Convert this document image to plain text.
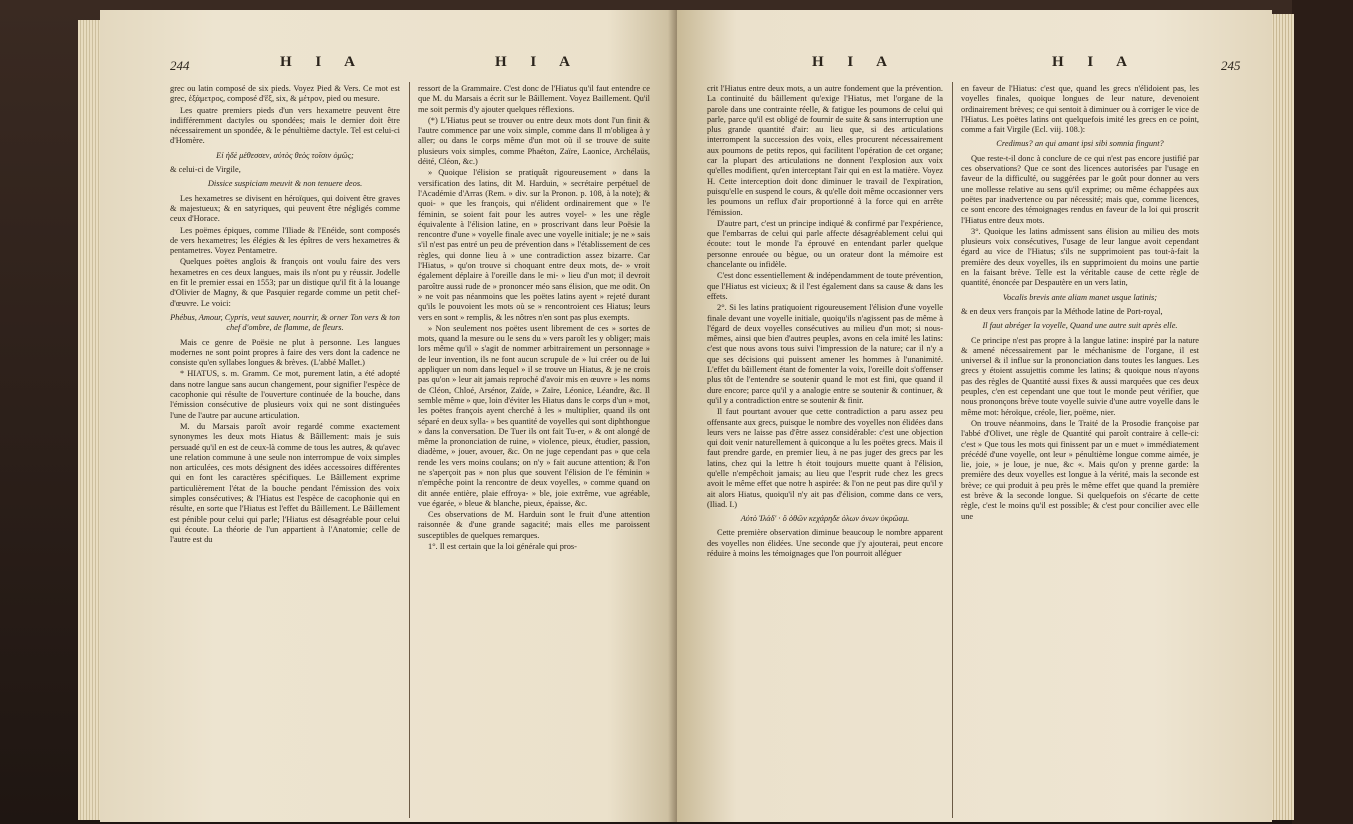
244	H I A	H I A

grec ou latin composé de six pieds. Voyez Pied & Vers. Ce mot est grec, ἑξάμετρος, composé d'ἓξ, six, & μέτρον, pied ou mesure.

Les quatre premiers pieds d'un vers hexametre peuvent être indifféremment dactyles ou spondées; mais le dernier doit être nécessairement un spondée, & le pénultième dactyle. Tel est celui-ci d'Homère.

Εἰ ἠδὲ μέθεσσεν, αὐτὸς θεὸς τοῖσιν ὁμῶς;

& celui-ci de Virgile,

Dissice suspiciam meuvit & non tenuere deos.

Les hexametres se divisent en héroïques, qui doivent être graves & majestueux; & en satyriques, qui peuvent être négligés comme ceux d'Horace.

Les poëmes épiques, comme l'Iliade & l'Enéide, sont composés de vers hexametres; les élégies & les épîtres de vers hexametres & pentametres. Voyez Pentametre.

Quelques poëtes anglois & françois ont voulu faire des vers hexametres en ces deux langues, mais ils n'ont pu y réussir. Jodelle en fit le premier essai en 1553; par un distique qu'il fit à la louange d'Olivier de Magny, & que Pasquier regarde comme un petit chef-d'œuvre. Le voici:

Phébus, Amour, Cypris, veut sauver, nourrir, & orner Ton vers & ton chef d'ombre, de flamme, de fleurs.

Mais ce genre de Poësie ne plut à personne. Les langues modernes ne sont point propres à faire des vers dont la cadence ne consiste qu'en syllabes longues & brèves. (L'abbé Mallet.)

* HIATUS, s. m. Gramm. Ce mot, purement latin, a été adopté dans notre langue sans aucun changement, pour signifier l'espèce de cacophonie qui résulte de l'ouverture continuée de la bouche, dans l'émission consécutive de plusieurs voix qui ne sont distinguées l'une de l'autre par aucune articulation.

M. du Marsais paroît avoir regardé comme exactement synonymes les deux mots Hiatus & Bâillement: mais je suis persuadé qu'il en est de ceux-là comme de tous les autres, & qu'avec une relation commune à une seule non interrompue de voix simples non articulées, ces mots désignent des idées accessoires différentes qui en font les caractères spécifiques. Le Bâillement exprime particulièrement l'état de la bouche pendant l'émission des voix simples consécutives; & l'Hiatus est l'espèce de cacophonie qui en résulte, en sorte que l'Hiatus est l'effet du Bâillement. Le Bâillement est pénible pour celui qui parle; l'Hiatus est désagréable pour celui qui écoute. La théorie de l'un appartient à l'Anatomie; celle de l'autre est du

ressort de la Grammaire. C'est donc de l'Hiatus qu'il faut entendre ce que M. du Marsais a écrit sur le Bâillement. Voyez Baillement. Qu'il me soit permis d'y ajouter quelques réflexions.

(*) L'Hiatus peut se trouver ou entre deux mots dont l'un finit & l'autre commence par une voix simple, comme dans Il m'obligea à y aller; ou dans le corps même d'un mot où il se trouve de suite plusieurs voix simples, comme Phaéton, Zaïre, Laonice, Archélaüs, déité, Cléon, &c.)

» Quoique l'élision se pratiquât rigoureusement » dans la versification des latins, dit M. Harduin, » secrétaire perpétuel de l'Académie d'Arras (Rem. » div. sur la Pronon. p. 108, à la note); & quoi- » que les françois, qui n'élident ordinairement que » l'e féminin, se soient fait pour les autres voyel- » les une règle équivalente à l'élision latine, en » proscrivant dans leur Poësie la rencontre d'une » voyelle finale avec une voyelle initiale; je ne » sais s'il n'est pas entré un peu de prévention dans » l'établissement de ces règles, qui donne lieu à » une contradiction assez bizarre. Car l'Hiatus, » qu'on trouve si choquant entre deux mots, de- » vroit également déplaire à l'oreille dans le mi- » lieu d'un mot; il devroit paroître aussi rude de » prononcer méo sans élision, que me odit. On » ne voit pas néanmoins que les poëtes latins ayent » rejeté durant qu'ils le pouvoient les mots où se » rencontroient ces Hiatus; leurs vers en sont » remplis, & les nôtres n'en sont pas plus exempts.

» Non seulement nos poëtes usent librement de ces » sortes de mots, quand la mesure ou le sens du » vers paroît les y obliger; mais lors même qu'il » s'agit de nommer arbitrairement un personnage » de leur invention, ils ne font aucun scrupule de » lui créer ou de lui appliquer un nom dans lequel » il se trouve un Hiatus, & je ne crois pas qu'on » leur ait jamais reproché d'avoir mis en œuvre » les noms de Cléon, Chloé, Arsénor, Zaïde, » Zaïre, Léonice, Léandre, &c. Il semble même » que, loin d'éviter les Hiatus dans le corps d'un » mot, les poëtes françois ayent cherché à les » multiplier, quand ils ont séparé en deux sylla- » bes quantité de voyelles qui sont diphthongue » dans la conversation. De Tuer ils ont fait Tu-er, » & ont alongé de même la prononciation de ruine, » violence, pieux, étudier, passion, diadème, » jouer, avouer, &c. On ne juge cependant pas » que cela rende les vers moins coulans; on n'y » fait aucune attention; & l'on ne s'aperçoit pas » non plus que souvent l'élision de l'e féminin » n'empêche point la rencontre de deux voyelles, » comme quand on dit année entière, plaie effroya- » ble, joie extrême, vue agréable, vue égarée, » bleue & blanche, pieux, épaisse, &c.

Ces observations de M. Harduin sont le fruit d'une attention raisonnée & d'une grande sagacité; mais elles me paroissent susceptibles de quelques remarques.

1°. Il est certain que la loi générale qui pros-

H I A	H I A	245

crit l'Hiatus entre deux mots, a un autre fondement que la prévention. La continuité du bâillement qu'exige l'Hiatus, met l'organe de la parole dans une contrainte réelle, & fatigue les poumons de celui qui parle, parce qu'il est obligé de fournir de suite & sans interruption une plus grande quantité d'air: au lieu que, si des articulations interrompent la succession des voix, elles procurent nécessairement aux poumons de petits repos, qui facilitent l'opération de cet organe; car la plupart des articulations ne donnent l'explosion aux voix qu'elles modifient, qu'en interceptant l'air qui en est la matière. Voyez H. Cette interception doit donc diminuer le travail de l'expiration, puisqu'elle en suspend le cours, & qu'elle doit même occasionner vers les poumons un reflux d'air proportionné à la force qui en arrête l'émission.

D'autre part, c'est un principe indiqué & confirmé par l'expérience, que l'embarras de celui qui parle affecte désagréablement celui qui écoute: tout le monde l'a éprouvé en entendant parler quelque personne enrouée ou bègue, ou un orateur dont la mémoire est chancelante ou infidèle.

C'est donc essentiellement & indépendamment de toute prévention, que l'Hiatus est vicieux; & il l'est également dans sa cause & dans les effets.

2°. Si les latins pratiquoient rigoureusement l'élision d'une voyelle finale devant une voyelle initiale, quoiqu'ils n'agissent pas de même à l'égard de deux voyelles consécutives au milieu d'un mot; si nous-mêmes, ainsi que bien d'autres peuples, avons en cela imité les latins: c'est que nous avons tous suivi l'impression de la nature; car il n'y a que ses décisions qui puissent amener les hommes à l'unanimité. L'effet du bâillement étant de fomenter la voix, l'oreille doit s'offenser plus tôt de l'entendre se soutenir quand le mot est fini, que quand il dure encore; parce qu'il y a analogie entre se soutenir & continuer, & qu'il y a contradiction entre se soutenir & finir.

Il faut pourtant avouer que cette contradiction a paru assez peu offensante aux grecs, puisque le nombre des voyelles non élidées dans leurs vers ne laisse pas d'être assez considérable: c'est une objection qui doit venir naturellement à quiconque a lu les poëtes grecs. Mais il faut prendre garde, en premier lieu, à ne pas juger des grecs par les latins, chez qui la lettre h étoit toujours muette quant à l'élision, qu'elle n'empêchoit jamais; au lieu que l'esprit rude chez les grecs avoit le même effet que notre h aspirée: & l'on ne peut pas dire qu'il y ait alors Hiatus, quoiqu'il n'y ait pas d'élision, comme dans ce vers, (Iliad. I.)

Αὐτὸ Ἰλάδ' · ὃ ὀθῶν κεχάρηδε ὁλων ὀνων ὑκρῶαμ.

Cette première observation diminue beaucoup le nombre apparent des voyelles non élidées. Une seconde que j'y ajouterai, peut encore réduire à moins les témoignages que l'on pourroit alléguer

en faveur de l'Hiatus: c'est que, quand les grecs n'élidoient pas, les voyelles finales, quoique longues de leur nature, devenoient ordinairement brèves; ce qui sentoit à diminuer ou à corriger le vice de l'Hiatus. Les poëtes latins ont quelquefois imité les grecs en ce point, comme a fait Virgile (Ecl. viij. 108.):

Credimus? an qui amant ipsi sibi somnia fingunt?

Que reste-t-il donc à conclure de ce qui n'est pas encore justifié par ces observations? Que ce sont des licences autorisées par l'usage en faveur de la difficulté, ou suggérées par le goût pour donner au vers une mollesse relative au sens qu'il exprime; ou même échappées aux poëtes par inadvertence ou par nécessité; mais que, comme licences, ce sont encore des témoignages rendus en faveur de la loi qui proscrit l'Hiatus entre deux mots.

3°. Quoique les latins admissent sans élision au milieu des mots plusieurs voix consécutives, l'usage de leur langue avoit cependant égard au vice de l'Hiatus; s'ils ne supprimoient pas tout-à-fait la première des deux voyelles, ils en supprimoient du moins une partie en la faisant brève. Telle est la véritable cause de cette règle de quantité, énoncée par Despautère en un vers latin,

Vocalis brevis ante aliam manet usque latinis;

& en deux vers françois par la Méthode latine de Port-royal,

Il faut abréger la voyelle, Quand une autre suit après elle.

Ce principe n'est pas propre à la langue latine: inspiré par la nature & amené nécessairement par le méchanisme de l'organe, il est universel & il influe sur la prononciation dans toutes les langues. Les grecs y étoient assujettis comme les latins; & quoique nous n'ayons pas des règles de Quantité aussi fixes & aussi marquées que ces deux peuples, c'en est cependant une que tout le monde peut vérifier, que nous prononçons brève toute voyelle suivie d'une autre voyelle dans le même mot: héroïque, créole, lier, poëme, nier.

On trouve néanmoins, dans le Traité de la Prosodie françoise par l'abbé d'Olivet, une règle de Quantité qui paroît contraire à celle-ci: c'est » Que tous les mots qui finissent par un e muet » immédiatement précédé d'une voyelle, ont leur » pénultième longue comme aimée, je lie, joie, » je loue, je nue, &c «. Mais qu'on y prenne garde: la première des deux voyelles est longue à la vérité, mais la seconde est brève; ce qui produit à peu près le même effet que quand la première est brève & la seconde longue. Si quelquefois on s'écarte de cette règle, c'est le moins qu'il est possible; & c'est pour concilier avec elle une
